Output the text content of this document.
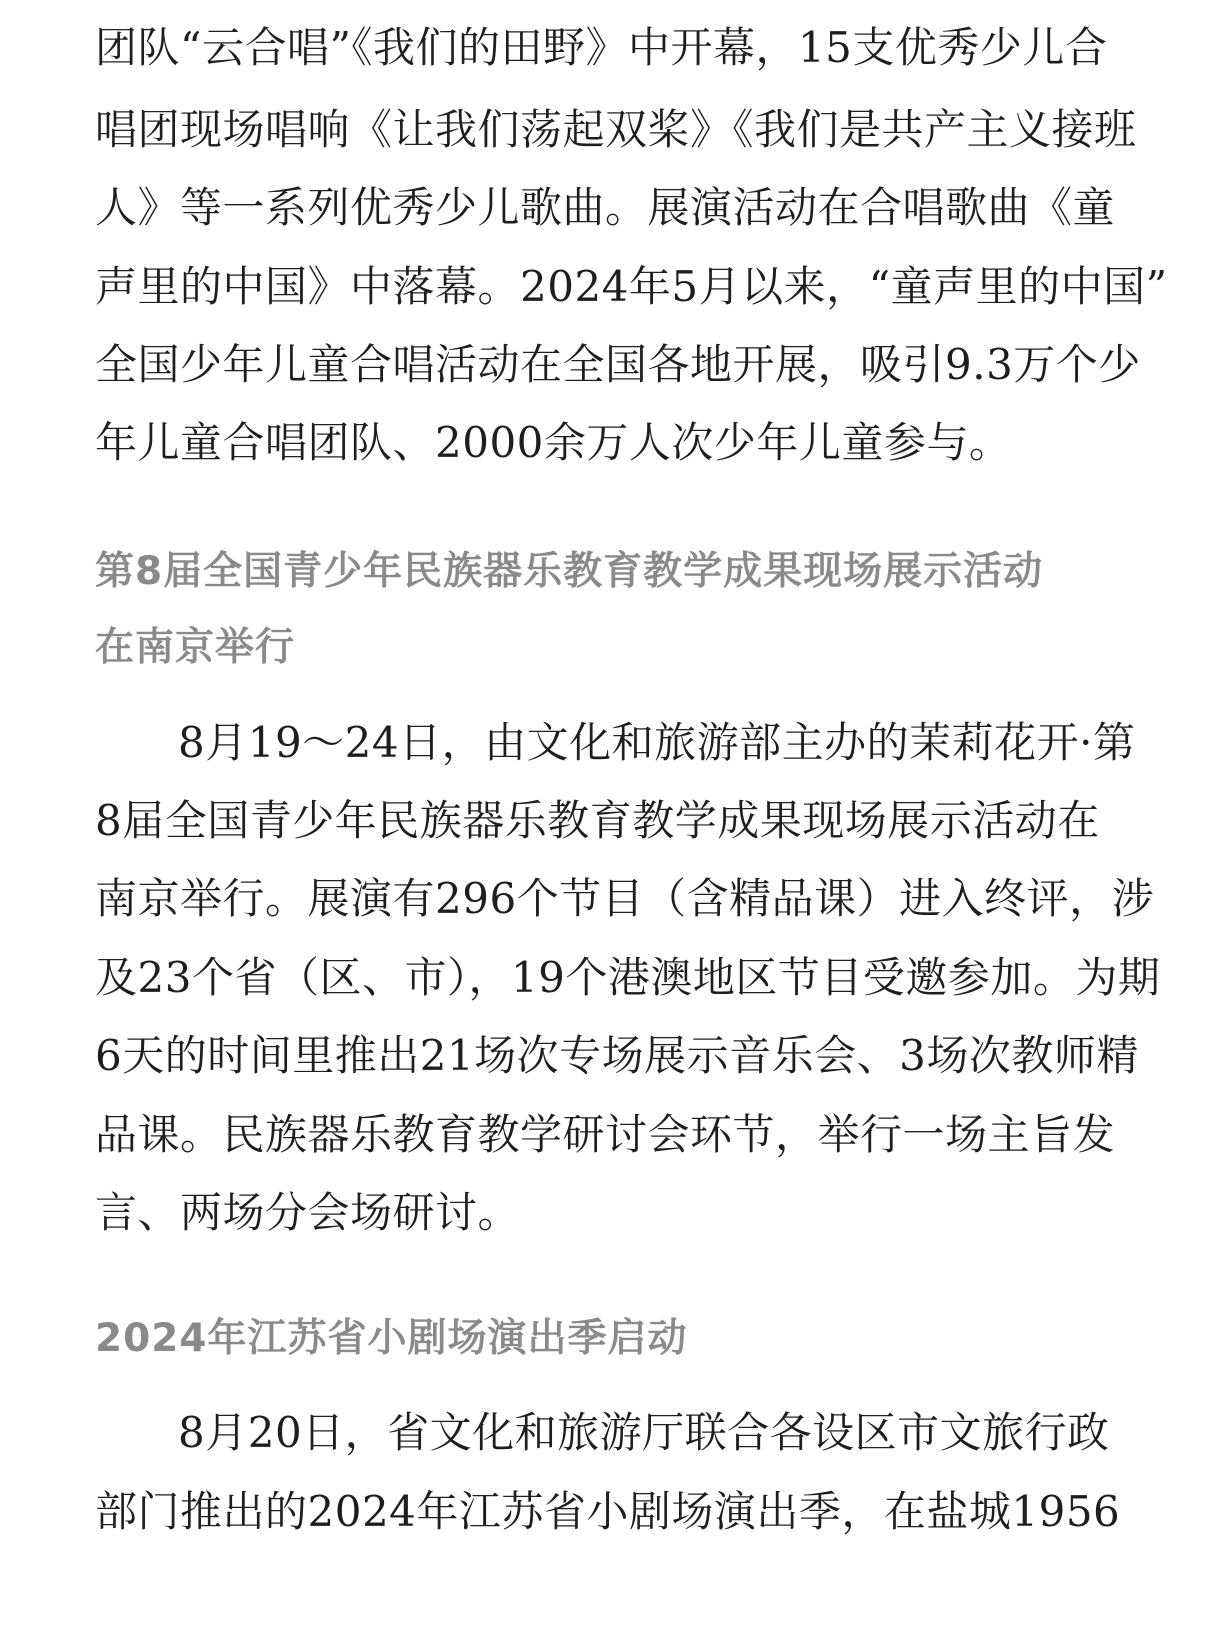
团队“云合唱”《我们的田野》中开幕，15支优秀少儿合
唱团现场唱响《让我们荡起双桨》《我们是共产主义接班
人》等一系列优秀少儿歌曲。展演活动在合唱歌曲《童
声里的中国》中落幕。2024年5月以来，“童声里的中国”
全国少年儿童合唱活动在全国各地开展，吸引9.3万个少
年儿童合唱团队、2000余万人次少年儿童参与。
第8届全国青少年民族器乐教育教学成果现场展示活动
在南京举行
8月19～24日，由文化和旅游部主办的茉莉花开·第
8届全国青少年民族器乐教育教学成果现场展示活动在
南京举行。展演有296个节目（含精品课）进入终评，涉
及23个省（区、市），19个港澳地区节目受邀参加。为期
6天的时间里推出21场次专场展示音乐会、3场次教师精
品课。民族器乐教育教学研讨会环节，举行一场主旨发
言、两场分会场研讨。
2024年江苏省小剧场演出季启动
8月20日，省文化和旅游厅联合各设区市文旅行政
部门推出的2024年江苏省小剧场演出季，在盐城1956
